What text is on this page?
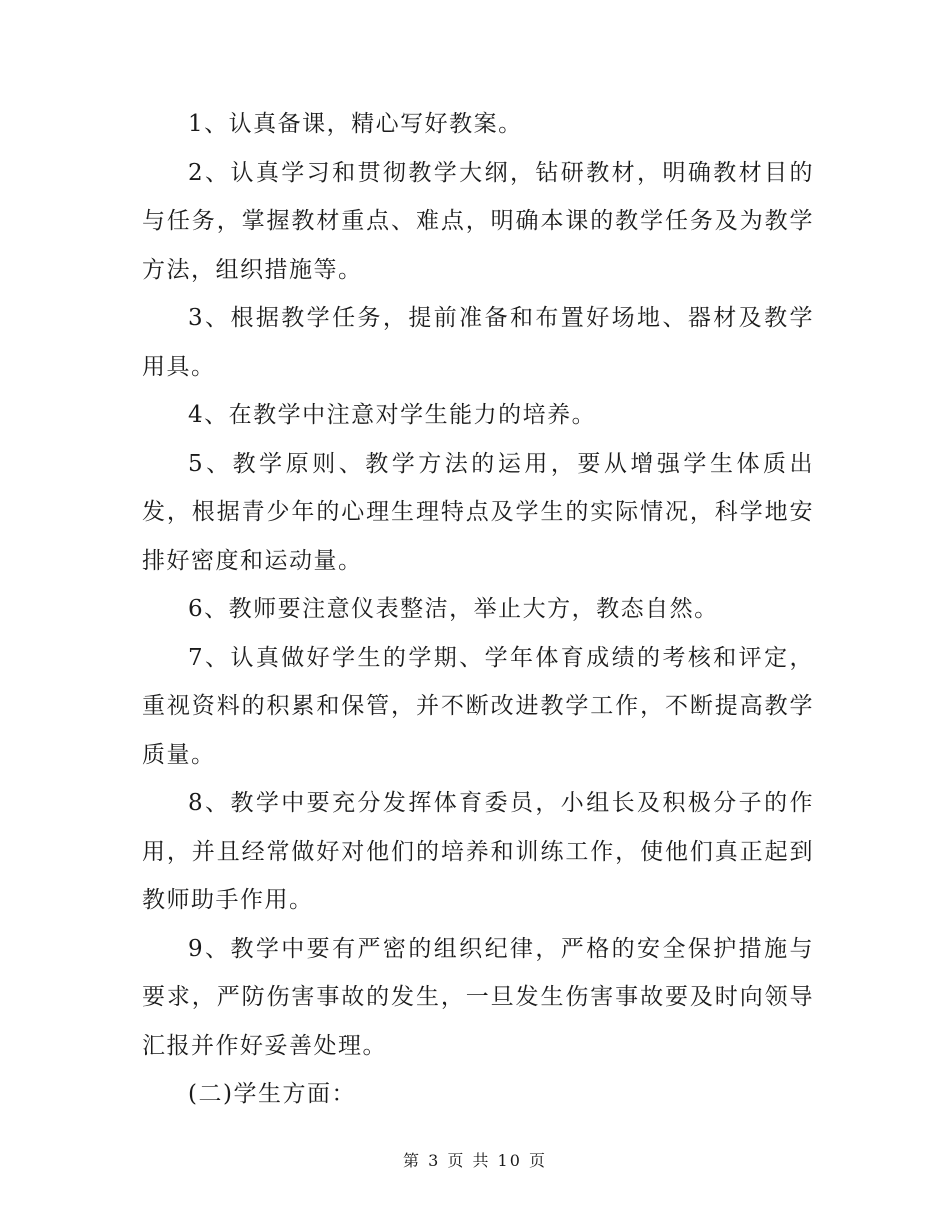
1、认真备课，精心写好教案。

2、认真学习和贯彻教学大纲，钻研教材，明确教材目的与任务，掌握教材重点、难点，明确本课的教学任务及为教学方法，组织措施等。

3、根据教学任务，提前准备和布置好场地、器材及教学用具。

4、在教学中注意对学生能力的培养。

5、教学原则、教学方法的运用，要从增强学生体质出发，根据青少年的心理生理特点及学生的实际情况，科学地安排好密度和运动量。

6、教师要注意仪表整洁，举止大方，教态自然。

7、认真做好学生的学期、学年体育成绩的考核和评定，重视资料的积累和保管，并不断改进教学工作，不断提高教学质量。

8、教学中要充分发挥体育委员，小组长及积极分子的作用，并且经常做好对他们的培养和训练工作，使他们真正起到教师助手作用。

9、教学中要有严密的组织纪律，严格的安全保护措施与要求，严防伤害事故的发生，一旦发生伤害事故要及时向领导汇报并作好妥善处理。

(二)学生方面：

第 3 页 共 10 页
